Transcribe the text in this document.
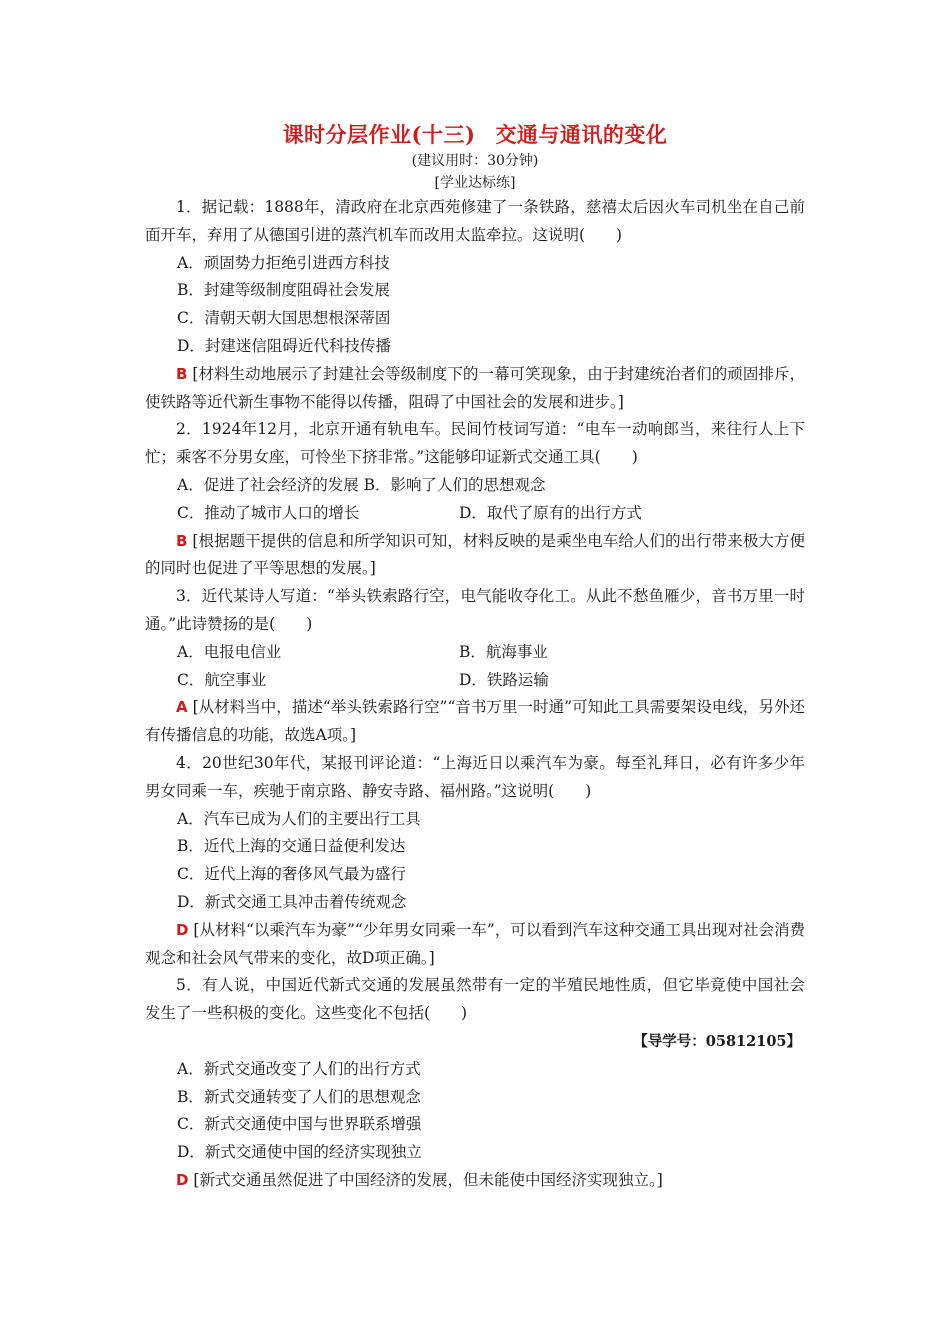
课时分层作业(十三) 交通与通讯的变化
(建议用时：30分钟)
[学业达标练]

1．据记载：1888年，清政府在北京西苑修建了一条铁路，慈禧太后因火车司机坐在自己前面开车，弃用了从德国引进的蒸汽机车而改用太监牵拉。这说明(　　)

A．顽固势力拒绝引进西方科技

B．封建等级制度阻碍社会发展

C．清朝天朝大国思想根深蒂固

D．封建迷信阻碍近代科技传播

B [材料生动地展示了封建社会等级制度下的一幕可笑现象，由于封建统治者们的顽固排斥，使铁路等近代新生事物不能得以传播，阻碍了中国社会的发展和进步。]

2．1924年12月，北京开通有轨电车。民间竹枝词写道：“电车一动响郎当，来往行人上下忙；乘客不分男女座，可怜坐下挤非常。”这能够印证新式交通工具(　　)

A．促进了社会经济的发展 B．影响了人们的思想观念

C．推动了城市人口的增长	D．取代了原有的出行方式

B [根据题干提供的信息和所学知识可知，材料反映的是乘坐电车给人们的出行带来极大方便的同时也促进了平等思想的发展。]

3．近代某诗人写道：“举头铁索路行空，电气能收夺化工。从此不愁鱼雁少，音书万里一时通。”此诗赞扬的是(　　)

A．电报电信业	B．航海事业

C．航空事业	D．铁路运输

A [从材料当中，描述“举头铁索路行空”“音书万里一时通”可知此工具需要架设电线，另外还有传播信息的功能，故选A项。]

4．20世纪30年代，某报刊评论道：“上海近日以乘汽车为豪。每至礼拜日，必有许多少年男女同乘一车，疾驰于南京路、静安寺路、福州路。”这说明(　　)

A．汽车已成为人们的主要出行工具

B．近代上海的交通日益便利发达

C．近代上海的奢侈风气最为盛行

D．新式交通工具冲击着传统观念

D [从材料“以乘汽车为豪”“少年男女同乘一车”，可以看到汽车这种交通工具出现对社会消费观念和社会风气带来的变化，故D项正确。]

5．有人说，中国近代新式交通的发展虽然带有一定的半殖民地性质，但它毕竟使中国社会发生了一些积极的变化。这些变化不包括(　　)

【导学号：05812105】

A．新式交通改变了人们的出行方式

B．新式交通转变了人们的思想观念

C．新式交通使中国与世界联系增强

D．新式交通使中国的经济实现独立

D [新式交通虽然促进了中国经济的发展，但未能使中国经济实现独立。]
